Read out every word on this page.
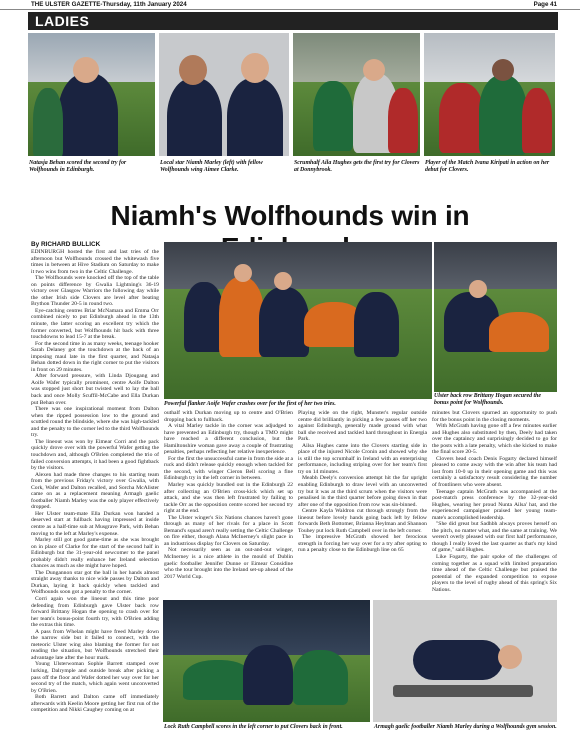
THE ULSTER GAZETTE-Thursday, 11th January 2024	Page 41
LADIES
Natasja Behan scored the second try for Wolfhounds in Edinburgh.
Local star Niamh Marley (left) with fellow Wolfhounds wing Aimee Clarke.
Scrumhalf Aila Hughes gets the first try for Clovers at Donnybrook.
Player of the Match Ivana Kiripati in action on her debut for Clovers.
Niamh's Wolfhounds win in
By RICHARD BULLICK
Powerful flanker Aoife Wafer crashes over for the first of her two tries.
Ulster back row Brittany Hogan secured the bonus point for Wolfhounds.
Lock Ruth Campbell scores in the left corner to put Clovers back in front.	Armagh gaelic footballer Niamh Marley during a Wolfhounds gym session.

EDINBURGH hosted the first and last tries of the afternoon but Wolfhounds crossed the whitewash five times in between at Hive Stadium on Saturday to make it two wins from two in the Celtic Challenge.

The Wolfhounds were knocked off the top of the table on points difference by Gwalia Lightning's 36-19 victory over Glasgow Warriors the following day while the other Irish side Clovers are level after beating Brython Thunder 20-5 in round two.

Eye-catching centres Briar McNamara and Emma Orr combined nicely to put Edinburgh ahead in the 13th minute, the latter scoring an excellent try which the former converted, but Wolfhounds hit back with three touchdowns to lead 15-7 at the break.

For the second time in as many weeks, teenage hooker Sarah Delaney got the touchdown at the back of an imposing maul late in the first quarter, and Natasja Behan dotted down in the right corner to put the visitors in front on 29 minutes.

After forward pressure, with Linda Djougang and Aoife Wafer typically prominent, centre Aoife Dalton was stopped just short but twisted well to lay the ball back and once Molly Scuffil-McCabe and Ella Durkan put Behan over.

There was one inspirational moment from Dalton when the ripped possession low to the ground and scuttled round the blindside, where she was high-tackled and the penalty to the corner led to the third Wolfhounds try.

The lineout was won by Eimear Corri and the pack quickly drove over with the powerful Wafer getting the touchdown and, although O'Brien completed the trio of failed conversion attempts, it had been a good fightback by the visitors.

Alexen had made three changes to his starting team from the previous Friday's victory over Gwalia, with Cork, Wafer and Dalton recalled, and Sorcha McAlister came on as a replacement meaning Armagh gaelic footballer Niamh Marley was the only player effectively dropped.

Her Ulster team-mate Ella Durkan won handed a deserved start at fullback having impressed at inside centre as a half-time sub at Musgrave Park, with Behan moving to the left at Marley's expense.

Marley still got good game-time as she was brought on in place of Clarke for the start of the second half in Edinburgh but the 31-year-old newcomer to the panel probably didn't really enhance her Ireland selection chances as much as she might have hoped.

The Dungannon star got the ball in her hands almost straight away thanks to nice wide passes by Dalton and Durkan, laying it back quickly when tackled and Wolfhounds soon got a penalty to the corner.

Corri again won the lineout and this time poor defending from Edinburgh gave Ulster back row forward Brittany Hogan the opening to crash over for her team's bonus-point fourth try, with O'Brien adding the extras this time.

A pass from Whelan might have freed Marley down the narrow side but it failed to connect, with the meteoric Ulster wing also blaming the former for not reading the situation, but Wolfhounds stretched their advantage late after the hour mark.

Young Ulsterwoman Sophie Barrett stamped over lurking, Dalrymple and outside break after picking a pass off the floor and Wafer dotted her way over for her second try of the match, which again went unconverted by O'Brien.

Both Barrett and Dalton came off immediately afterwards with Keelin Moore getting her first run of the competition and Nikki Caughey coming on at

outhalf with Durkan moving up to centre and O'Brien dropping back to fullback.

A vital Marley tackle in the corner was adjudged to have prevented an Edinburgh try, though a TMO might have reached a different conclusion, but the Hamiltonshire woman gave away a couple of frustrating penalties, perhaps reflecting her relative inexperience.

For the first the unsuccessful came in from the side at a ruck and didn't release quickly enough when tackled for the second, with winger Cieron Bell scoring a fine Edinburgh try in the left corner in between.

Marley was quickly bundled out in the Edinburgh 22 after collecting an O'Brien cross-kick which set up attack, and she was then left frustrated by failing to tackle Orr as the opposition centre scored her second try right at the end.

The Ulster winger's Six Nations chances haven't gone through as many of her rivals for a place in Scott Bemand's squad aren't really setting the Celtic Challenge on fire either, though Alana McInerney's slight pace in an industrious display for Clovers on Saturday.

Not necessarily seen as an out-and-out winger, McInerney is a nice athlete in the mould of Dublin gaelic footballer Jennifer Dunne or Eimear Considine who the tour brought into the Ireland set-up ahead of the 2017 World Cup.

Playing wide on the right, Munster's regular outside centre did brilliantly in picking a few passes off her two against Edinburgh, generally made ground with what ball she received and tackled hard throughout in Energia Park.

Ailsa Hughes came into the Clovers starting side in place of the injured Nicole Cronin and showed why she is still the top scrumhalf in Ireland with an enterprising performance, including striping over for her team's first try on 14 minutes.

Meabh Deely's conversion attempt hit the far upright enabling Edinburgh to draw level with an unconverted try but it was at the third scrum when the visitors were penalised in the third quarter before going down in that after one of the opposition from row was sin-binned.

Centre Kayla Waldron cut through strongly from the lineout before lovely hands going back left by fellow forwards Beth Bottomer, Brianna Heylman and Shannon Touhey put lock Ruth Campbell over in the left corner.

The impressive McGrath showed her ferocious strength in forcing her way over for a try after opting to run a penalty close to the Edinburgh line on 65

minutes but Clovers spurned an opportunity to push for the bonus point in the closing moments.

With McGrath having gone off a few minutes earlier and Hughes also substituted by then, Deely had taken over the captaincy and surprisingly decided to go for the posts with a late penalty, which she kicked to make the final score 20-5.

Clovers head coach Denis Fogarty declared himself pleased to come away with the win after his team had lost from 10-0 up in their opening game and this was certainly a satisfactory result considering the number of frontliners who were absent.

Teenage captain McGrath was accompanied at the post-match press conference by the 32-year-old Hughes, wearing her proud Nunta Ailsa' hat, and the experienced campaigner praised her young team-mate's accomplished leadership.

"She did great but Sadhbh always proves herself on the pitch, no matter what, and the same at training. We weren't overly pleased with our first half performance, though I really loved the last quarter as that's my kind of game," said Hughes.

Like Fogarty, the pair spoke of the challenges of coming together as a squad with limited preparation time ahead of the Celtic Challenge but praised the potential of the expanded competition to expose players to the level of rugby ahead of this spring's Six Nations.
